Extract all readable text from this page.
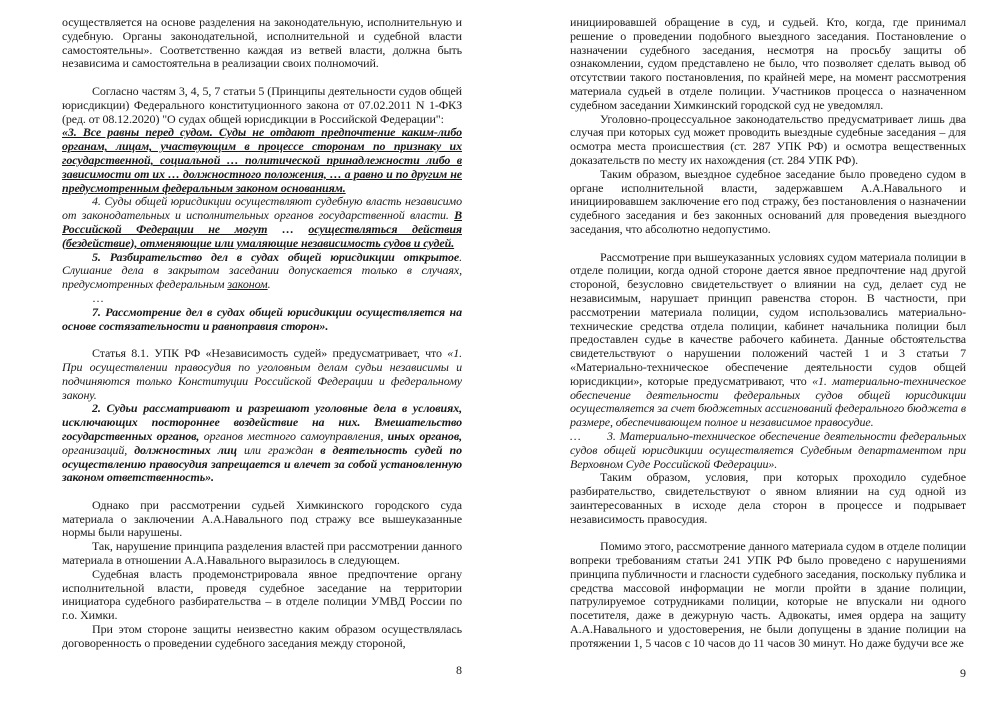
осуществляется на основе разделения на законодательную, исполнительную и судебную. Органы законодательной, исполнительной и судебной власти самостоятельны». Соответственно каждая из ветвей власти, должна быть независима и самостоятельна в реализации своих полномочий.

Согласно частям 3, 4, 5, 7 статьи 5 (Принципы деятельности судов общей юрисдикции) Федерального конституционного закона от 07.02.2011 N 1-ФКЗ (ред. от 08.12.2020) "О судах общей юрисдикции в Российской Федерации":

«3. Все равны перед судом. Суды не отдают предпочтение каким-либо органам, лицам, участвующим в процессе сторонам по признаку их государственной, социальной … политической принадлежности либо в зависимости от их … должностного положения, … а равно и по другим не предусмотренным федеральным законом основаниям.

4. Суды общей юрисдикции осуществляют судебную власть независимо от законодательных и исполнительных органов государственной власти. В Российской Федерации не могут … осуществляться действия (бездействие), отменяющие или умаляющие независимость судов и судей.

5. Разбирательство дел в судах общей юрисдикции открытое. Слушание дела в закрытом заседании допускается только в случаях, предусмотренных федеральным законом.

…

7. Рассмотрение дел в судах общей юрисдикции осуществляется на основе состязательности и равноправия сторон».

Статья 8.1. УПК РФ «Независимость судей» предусматривает, что «1. При осуществлении правосудия по уголовным делам судьи независимы и подчиняются только Конституции Российской Федерации и федеральному закону.

2. Судьи рассматривают и разрешают уголовные дела в условиях, исключающих постороннее воздействие на них. Вмешательство государственных органов, органов местного самоуправления, иных органов, организаций, должностных лиц или граждан в деятельность судей по осуществлению правосудия запрещается и влечет за собой установленную законом ответственность».

Однако при рассмотрении судьей Химкинского городского суда материала о заключении А.А.Навального под стражу все вышеуказанные нормы были нарушены.

Так, нарушение принципа разделения властей при рассмотрении данного материала в отношении А.А.Навального выразилось в следующем.

Судебная власть продемонстрировала явное предпочтение органу исполнительной власти, проведя судебное заседание на территории инициатора судебного разбирательства – в отделе полиции УМВД России по г.о. Химки.

При этом стороне защиты неизвестно каким образом осуществлялась договоренность о проведении судебного заседания между стороной,

8

инициировавшей обращение в суд, и судьей. Кто, когда, где принимал решение о проведении подобного выездного заседания. Постановление о назначении судебного заседания, несмотря на просьбу защиты об ознакомлении, судом представлено не было, что позволяет сделать вывод об отсутствии такого постановления, по крайней мере, на момент рассмотрения материала судьей в отделе полиции. Участников процесса о назначенном судебном заседании Химкинский городской суд не уведомлял.

Уголовно-процессуальное законодательство предусматривает лишь два случая при которых суд может проводить выездные судебные заседания – для осмотра места происшествия (ст. 287 УПК РФ) и осмотра вещественных доказательств по месту их нахождения (ст. 284 УПК РФ).

Таким образом, выездное судебное заседание было проведено судом в органе исполнительной власти, задержавшем А.А.Навального и инициировавшем заключение его под стражу, без постановления о назначении судебного заседания и без законных оснований для проведения выездного заседания, что абсолютно недопустимо.

Рассмотрение при вышеуказанных условиях судом материала полиции в отделе полиции, когда одной стороне дается явное предпочтение над другой стороной, безусловно свидетельствует о влиянии на суд, делает суд не независимым, нарушает принцип равенства сторон. В частности, при рассмотрении материала полиции, судом использовались материально-технические средства отдела полиции, кабинет начальника полиции был предоставлен судье в качестве рабочего кабинета. Данные обстоятельства свидетельствуют о нарушении положений частей 1 и 3 статьи 7 «Материально-техническое обеспечение деятельности судов общей юрисдикции», которые предусматривают, что «1. материально-техническое обеспечение деятельности федеральных судов общей юрисдикции осуществляется за счет бюджетных ассигнований федерального бюджета в размере, обеспечивающем полное и независимое правосудие.

…       3. Материально-техническое обеспечение деятельности федеральных судов общей юрисдикции осуществляется Судебным департаментом при Верховном Суде Российской Федерации».

Таким образом, условия, при которых проходило судебное разбирательство, свидетельствуют о явном влиянии на суд одной из заинтересованных в исходе дела сторон в процессе и подрывает независимость правосудия.

Помимо этого, рассмотрение данного материала судом в отделе полиции вопреки требованиям статьи 241 УПК РФ было проведено с нарушениями принципа публичности и гласности судебного заседания, поскольку публика и средства массовой информации не могли пройти в здание полиции, патрулируемое сотрудниками полиции, которые не впускали ни одного посетителя, даже в дежурную часть. Адвокаты, имея ордера на защиту А.А.Навального и удостоверения, не были допущены в здание полиции на протяжении 1, 5 часов с 10 часов до 11 часов 30 минут. Но даже будучи все же

9
